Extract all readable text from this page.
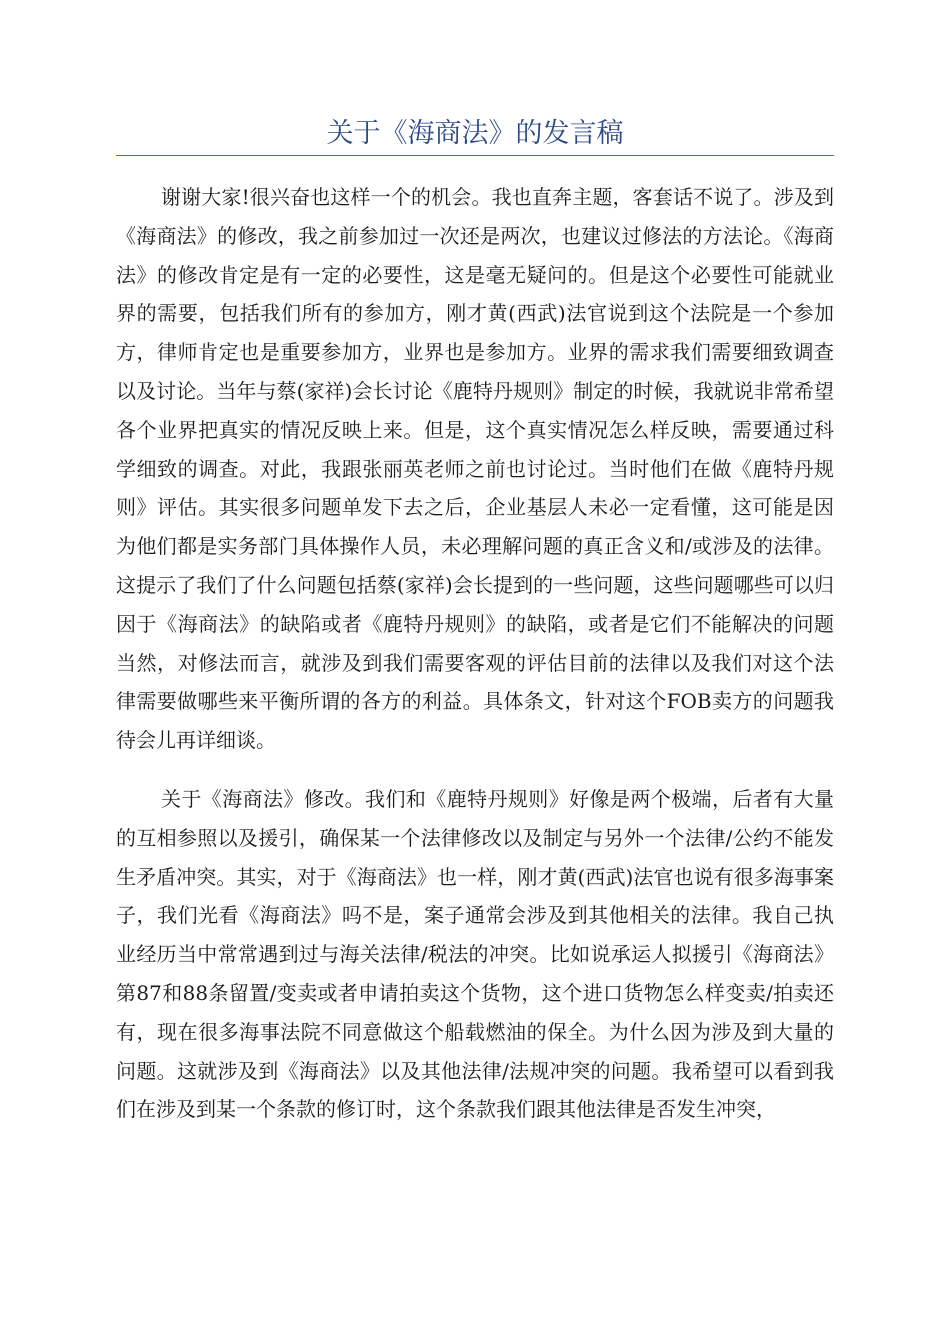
关于《海商法》的发言稿

谢谢大家!很兴奋也这样一个的机会。我也直奔主题，客套话不说了。涉及到《海商法》的修改，我之前参加过一次还是两次，也建议过修法的方法论。《海商法》的修改肯定是有一定的必要性，这是毫无疑问的。但是这个必要性可能就业界的需要，包括我们所有的参加方，刚才黄(西武)法官说到这个法院是一个参加方，律师肯定也是重要参加方，业界也是参加方。业界的需求我们需要细致调查以及讨论。当年与蔡(家祥)会长讨论《鹿特丹规则》制定的时候，我就说非常希望各个业界把真实的情况反映上来。但是，这个真实情况怎么样反映，需要通过科学细致的调查。对此，我跟张丽英老师之前也讨论过。当时他们在做《鹿特丹规则》评估。其实很多问题单发下去之后，企业基层人未必一定看懂，这可能是因为他们都是实务部门具体操作人员，未必理解问题的真正含义和/或涉及的法律。这提示了我们了什么问题包括蔡(家祥)会长提到的一些问题，这些问题哪些可以归因于《海商法》的缺陷或者《鹿特丹规则》的缺陷，或者是它们不能解决的问题当然，对修法而言，就涉及到我们需要客观的评估目前的法律以及我们对这个法律需要做哪些来平衡所谓的各方的利益。具体条文，针对这个FOB卖方的问题我待会儿再详细谈。

关于《海商法》修改。我们和《鹿特丹规则》好像是两个极端，后者有大量的互相参照以及援引，确保某一个法律修改以及制定与另外一个法律/公约不能发生矛盾冲突。其实，对于《海商法》也一样，刚才黄(西武)法官也说有很多海事案子，我们光看《海商法》吗不是，案子通常会涉及到其他相关的法律。我自己执业经历当中常常遇到过与海关法律/税法的冲突。比如说承运人拟援引《海商法》第87和88条留置/变卖或者申请拍卖这个货物，这个进口货物怎么样变卖/拍卖还有，现在很多海事法院不同意做这个船载燃油的保全。为什么因为涉及到大量的问题。这就涉及到《海商法》以及其他法律/法规冲突的问题。我希望可以看到我们在涉及到某一个条款的修订时，这个条款我们跟其他法律是否发生冲突，
